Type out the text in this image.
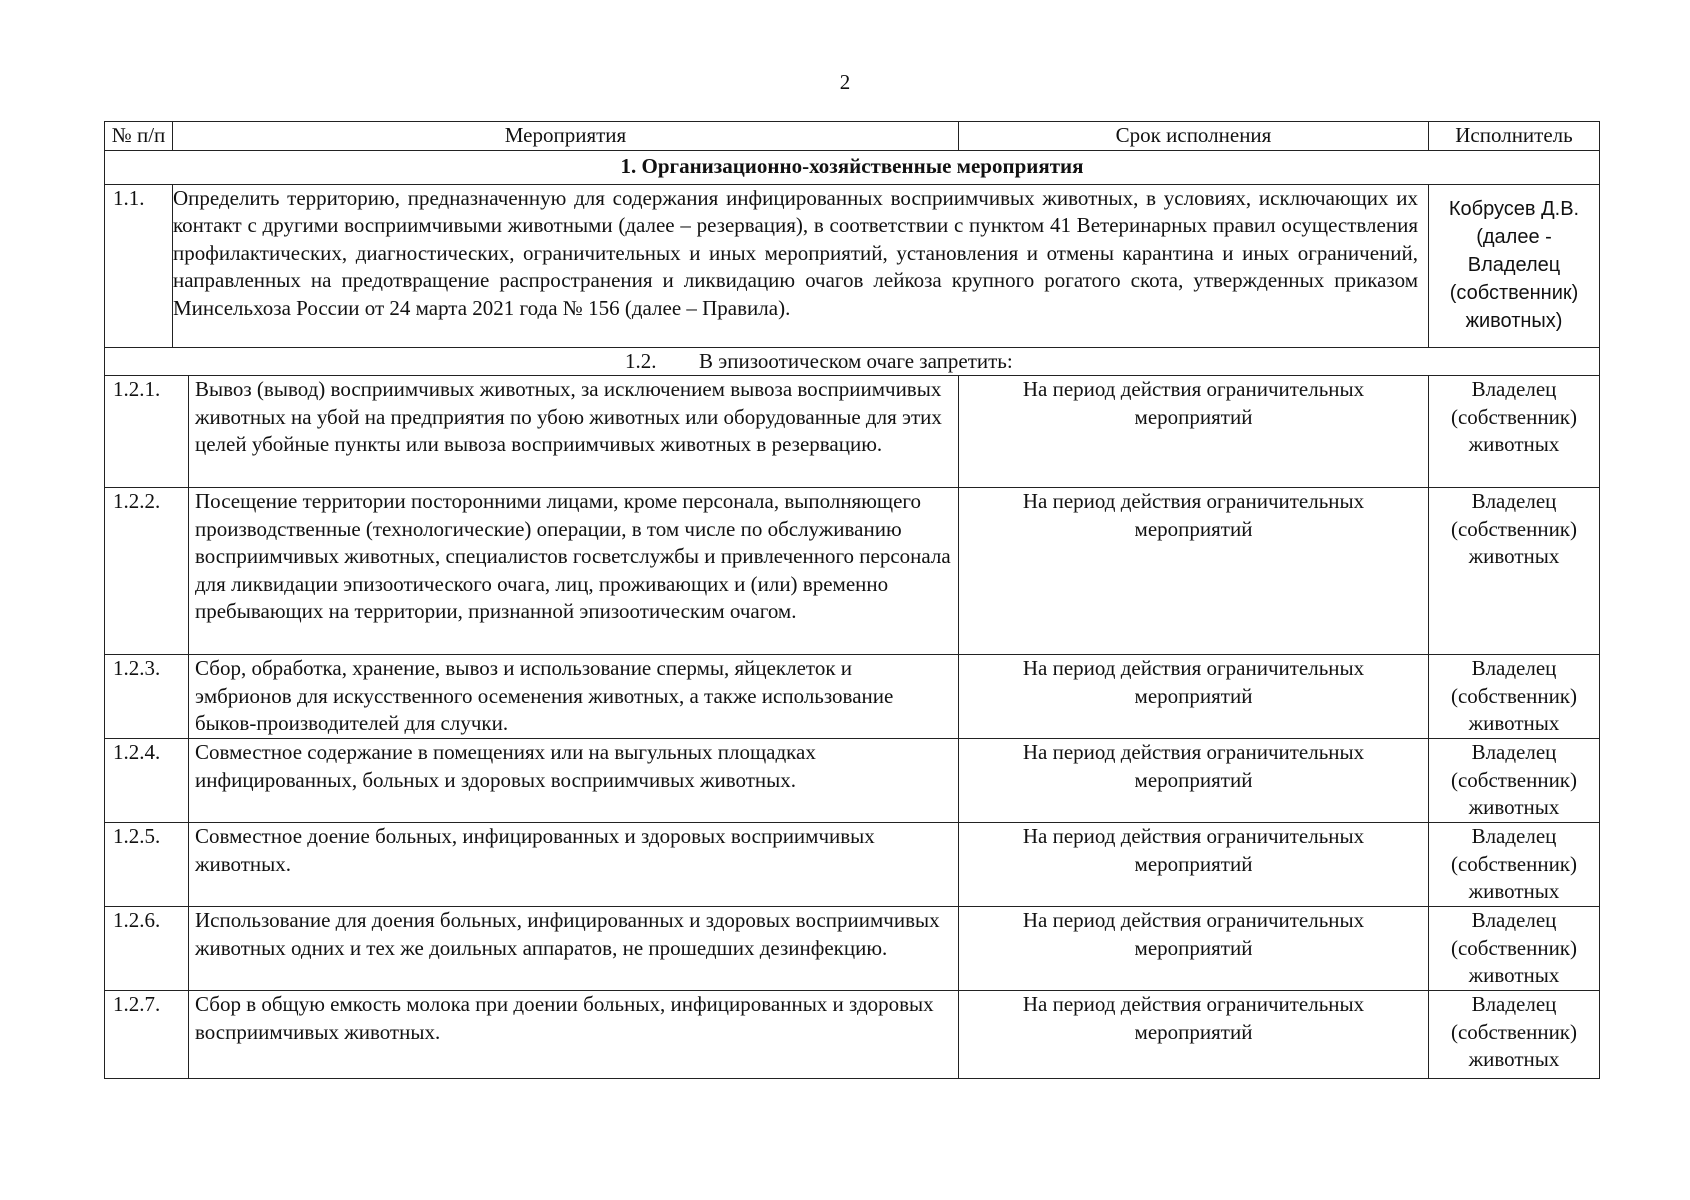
2
№ п/п	Мероприятия		Срок исполнения	Исполнитель
1. Организационно-хозяйственные мероприятия				
1.1.	Определить территорию, предназначенную для содержания инфицированных восприимчивых животных, в условиях, исключающих их контакт с другими восприимчивыми животными (далее – резервация), в соответствии с пунктом 41 Ветеринарных правил осуществления профилактических, диагностических, ограничительных и иных мероприятий, установления и отмены карантина и иных ограничений, направленных на предотвращение распространения и ликвидацию очагов лейкоза крупного рогатого скота, утвержденных приказом Минсельхоза России от 24 марта 2021 года № 156 (далее – Правила).			Кобрусев Д.В. (далее - Владелец (собственник) животных)
1.2. В эпизоотическом очаге запретить:				
1.2.1.		Вывоз (вывод) восприимчивых животных, за исключением вывоза восприимчивых животных на убой на предприятия по убою животных или оборудованные для этих целей убойные пункты или вывоза восприимчивых животных в резервацию.	На период действия ограничительных мероприятий	Владелец (собственник) животных
1.2.2.		Посещение территории посторонними лицами, кроме персонала, выполняющего производственные (технологические) операции, в том числе по обслуживанию восприимчивых животных, специалистов госветслужбы и привлеченного персонала для ликвидации эпизоотического очага, лиц, проживающих и (или) временно пребывающих на территории, признанной эпизоотическим очагом.	На период действия ограничительных мероприятий	Владелец (собственник) животных
1.2.3.		Сбор, обработка, хранение, вывоз и использование спермы, яйцеклеток и эмбрионов для искусственного осеменения животных, а также использование быков-производителей для случки.	На период действия ограничительных мероприятий	Владелец (собственник) животных
1.2.4.		Совместное содержание в помещениях или на выгульных площадках инфицированных, больных и здоровых восприимчивых животных.	На период действия ограничительных мероприятий	Владелец (собственник) животных
1.2.5.		Совместное доение больных, инфицированных и здоровых восприимчивых животных.	На период действия ограничительных мероприятий	Владелец (собственник) животных
1.2.6.		Использование для доения больных, инфицированных и здоровых восприимчивых животных одних и тех же доильных аппаратов, не прошедших дезинфекцию.	На период действия ограничительных мероприятий	Владелец (собственник) животных
1.2.7.		Сбор в общую емкость молока при доении больных, инфицированных и здоровых восприимчивых животных.	На период действия ограничительных мероприятий	Владелец (собственник) животных
